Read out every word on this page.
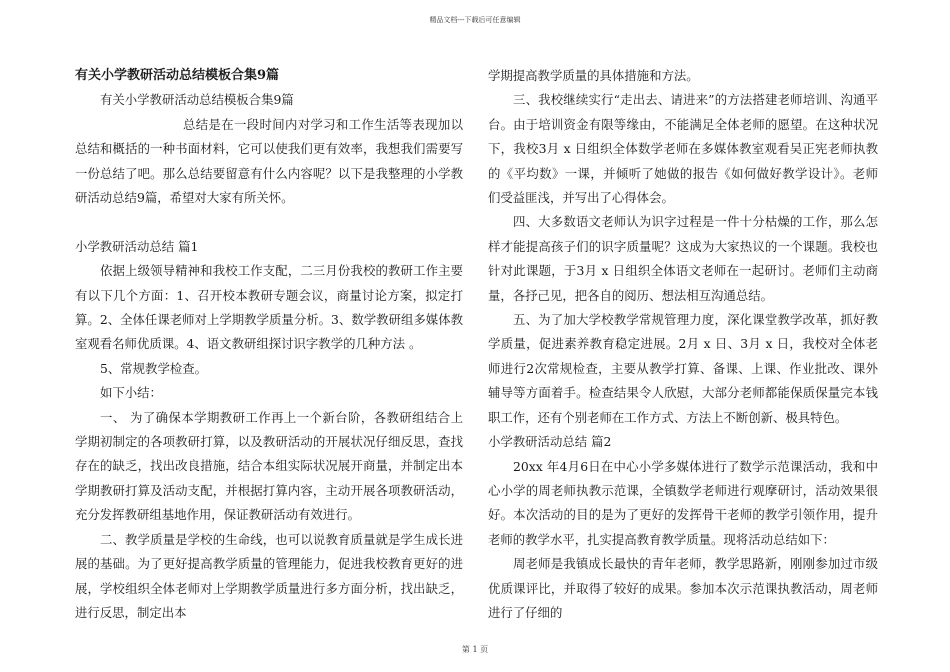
精品文档---下载后可任意编辑

有关小学教研活动总结模板合集9篇

有关小学教研活动总结模板合集9篇

总结是在一段时间内对学习和工作生活等表现加以总结和概括的一种书面材料，它可以使我们更有效率，我想我们需要写一份总结了吧。那么总结要留意有什么内容呢？以下是我整理的小学教研活动总结9篇，希望对大家有所关怀。

小学教研活动总结 篇1

依据上级领导精神和我校工作支配，二三月份我校的教研工作主要有以下几个方面：1、召开校本教研专题会议，商量讨论方案，拟定打算。2、全体任课老师对上学期教学质量分析。3、数学教研组多媒体教室观看名师优质课。4、语文教研组探讨识字教学的几种方法 。

5、常规教学检查。

如下小结：

一、 为了确保本学期教研工作再上一个新台阶，各教研组结合上学期初制定的各项教研打算，以及教研活动的开展状况仔细反思，查找存在的缺乏，找出改良措施，结合本组实际状况展开商量，并制定出本学期教研打算及活动支配，并根据打算内容，主动开展各项教研活动，充分发挥教研组基地作用，保证教研活动有效进行。

二、教学质量是学校的生命线，也可以说教育质量就是学生成长进展的基础。为了更好提高教学质量的管理能力，促进我校教育更好的进展，学校组织全体老师对上学期教学质量进行多方面分析，找出缺乏，进行反思，制定出本

学期提高教学质量的具体措施和方法。

三、我校继续实行“走出去、请进来”的方法搭建老师培训、沟通平台。由于培训资金有限等缘由，不能满足全体老师的愿望。在这种状况下，我校3月 x 日组织全体数学老师在多媒体教室观看吴正宪老师执教的《平均数》一课，并倾听了她做的报告《如何做好教学设计》。老师们受益匪浅，并写出了心得体会。

四、大多数语文老师认为识字过程是一件十分枯燥的工作，那么怎样才能提高孩子们的识字质量呢？这成为大家热议的一个课题。我校也针对此课题，于3月 x 日组织全体语文老师在一起研讨。老师们主动商量，各抒己见，把各自的阅历、想法相互沟通总结。

五、为了加大学校教学常规管理力度，深化课堂教学改革，抓好教学质量，促进素养教育稳定进展。2月 x 日、3月 x 日，我校对全体老师进行2次常规检查，主要从教学打算、备课、上课、作业批改、课外辅导等方面着手。检查结果令人欣慰，大部分老师都能保质保量完本钱职工作，还有个别老师在工作方式、方法上不断创新、极具特色。

小学教研活动总结 篇2

20xx 年4月6日在中心小学多媒体进行了数学示范课活动，我和中心小学的周老师执教示范课，全镇数学老师进行观摩研讨，活动效果很好。本次活动的目的是为了更好的发挥骨干老师的教学引领作用，提升老师的教学水平，扎实提高教育教学质量。现将活动总结如下：

周老师是我镇成长最快的青年老师，教学思路新，刚刚参加过市级优质课评比，并取得了较好的成果。参加本次示范课执教活动，周老师进行了仔细的

第 1 页
